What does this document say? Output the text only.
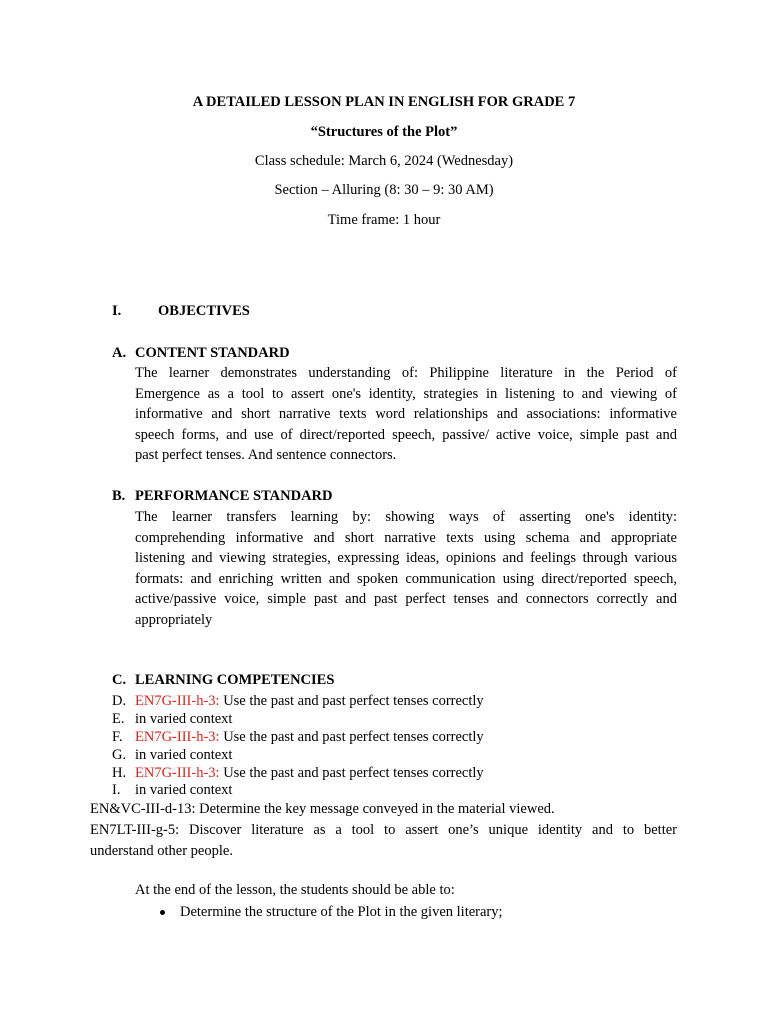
A DETAILED LESSON PLAN IN ENGLISH FOR GRADE 7
“Structures of the Plot”
Class schedule: March 6, 2024 (Wednesday)
Section – Alluring (8: 30 – 9: 30 AM)
Time frame: 1 hour
I.	OBJECTIVES
A. CONTENT STANDARD
The learner demonstrates understanding of: Philippine literature in the Period of
Emergence as a tool to assert one's identity, strategies in listening to and viewing of
informative and short narrative texts word relationships and associations: informative
speech forms, and use of direct/reported speech, passive/ active voice, simple past and
past perfect tenses. And sentence connectors.
B. PERFORMANCE STANDARD
The learner transfers learning by: showing ways of asserting one's identity:
comprehending informative and short narrative texts using schema and appropriate
listening and viewing strategies, expressing ideas, opinions and feelings through various
formats: and enriching written and spoken communication using direct/reported speech,
active/passive voice, simple past and past perfect tenses and connectors correctly and
appropriately
C. LEARNING COMPETENCIES
D. EN7G-III-h-3: Use the past and past perfect tenses correctly
E. in varied context
F. EN7G-III-h-3: Use the past and past perfect tenses correctly
G. in varied context
H. EN7G-III-h-3: Use the past and past perfect tenses correctly
I. in varied context
EN&VC-III-d-13: Determine the key message conveyed in the material viewed.
EN7LT-III-g-5: Discover literature as a tool to assert one’s unique identity and to better
understand other people.
At the end of the lesson, the students should be able to:
Determine the structure of the Plot in the given literary;
